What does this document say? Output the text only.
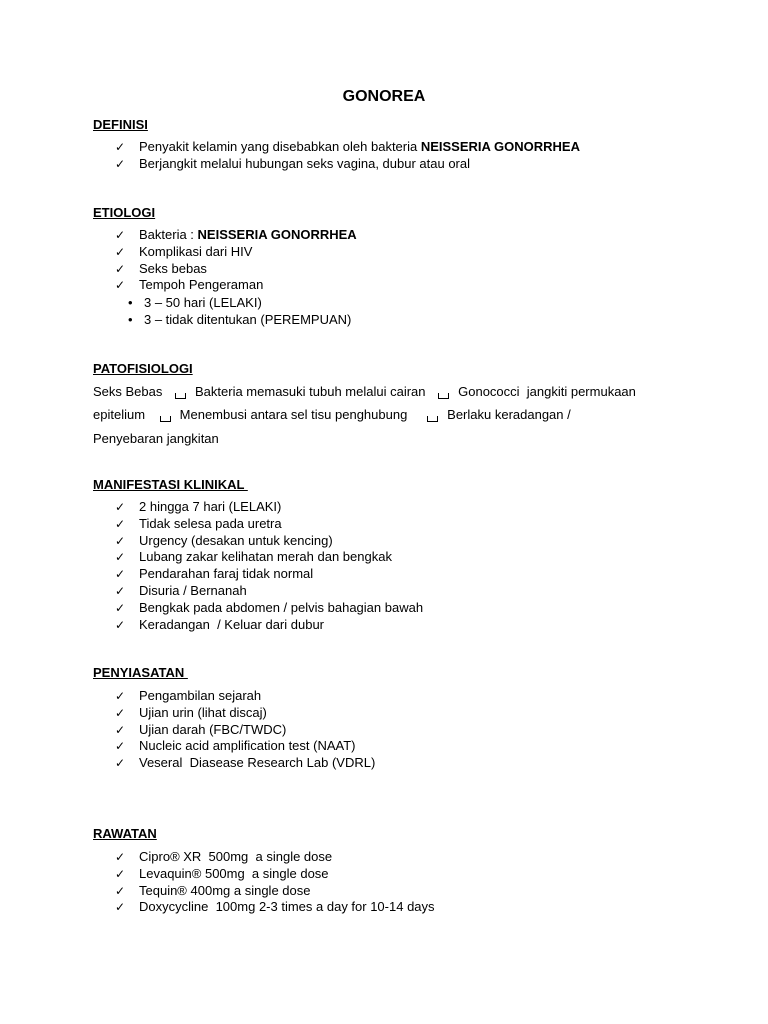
GONOREA
DEFINISI
✓ Penyakit kelamin yang disebabkan oleh bakteria NEISSERIA GONORRHEA
✓ Berjangkit melalui hubungan seks vagina, dubur atau oral
ETIOLOGI
✓ Bakteria : NEISSERIA GONORRHEA
✓ Komplikasi dari HIV
✓ Seks bebas
✓ Tempoh Pengeraman
• 3 – 50 hari (LELAKI)
• 3 – tidak ditentukan (PEREMPUAN)
PATOFISIOLOGI
Seks Bebas	Bakteria memasuki tubuh melalui cairan	Gonococci  jangkiti permukaan
epitelium	Menembusi antara sel tisu penghubung	Berlaku keradangan /
Penyebaran jangkitan
MANIFESTASI KLINIKAL
✓ 2 hingga 7 hari (LELAKI)
✓ Tidak selesa pada uretra
✓ Urgency (desakan untuk kencing)
✓ Lubang zakar kelihatan merah dan bengkak
✓ Pendarahan faraj tidak normal
✓ Disuria / Bernanah
✓ Bengkak pada abdomen / pelvis bahagian bawah
✓ Keradangan  / Keluar dari dubur
PENYIASATAN
✓ Pengambilan sejarah
✓ Ujian urin (lihat discaj)
✓ Ujian darah (FBC/TWDC)
✓ Nucleic acid amplification test (NAAT)
✓ Veseral  Diasease Research Lab (VDRL)
RAWATAN
✓ Cipro® XR  500mg  a single dose
✓ Levaquin® 500mg  a single dose
✓ Tequin® 400mg a single dose
✓ Doxycycline  100mg 2-3 times a day for 10-14 days
